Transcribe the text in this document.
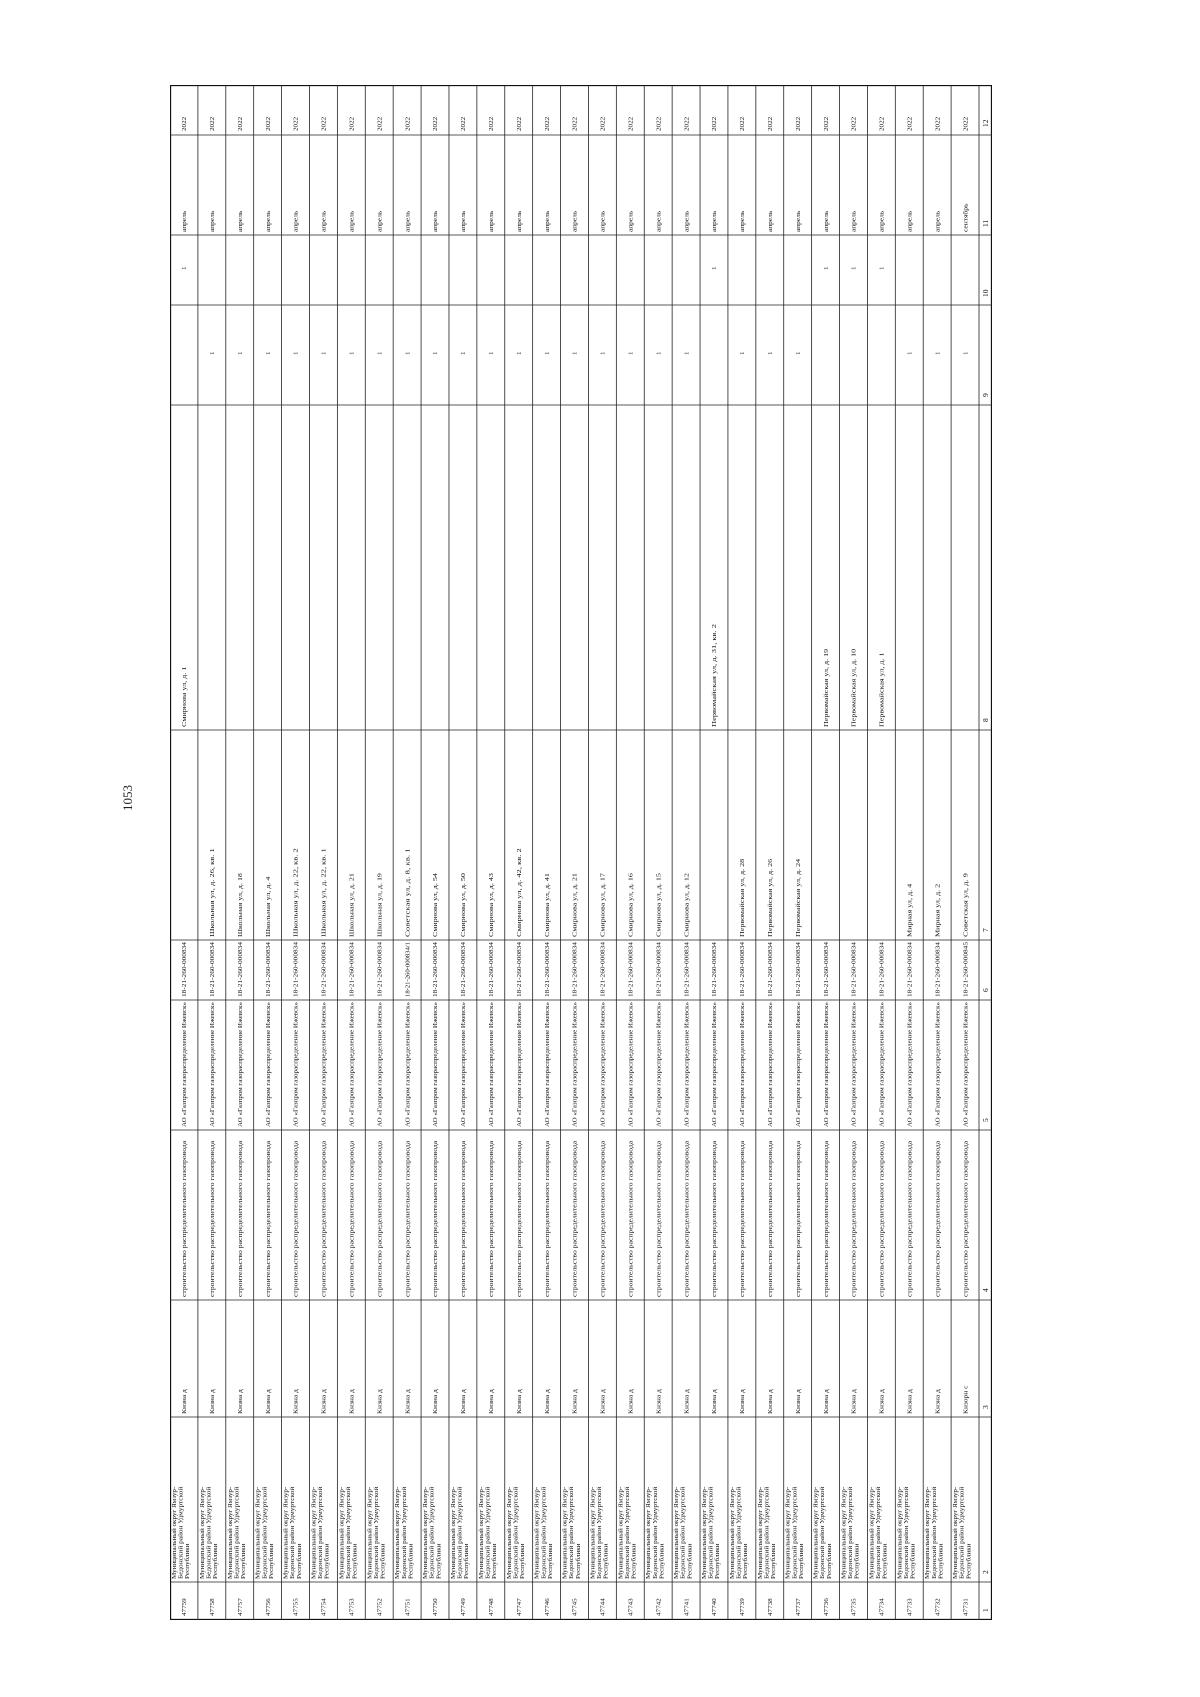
1053
1
2
3
4
5
6
7
8
9
10
11
12
47731
Муниципальный округ Ямзур- Бедонский район Удмуртской Республики
Кнзорн с
строительство распределительного газопровода
АО «Газпром газораспределение Ижевск»
18-21-260-000845
Советская ул, д. 9
1
сентябрь
2022
47732
Муниципальный округ Ямзур- Бедонский район Удмуртской Республики
Кнзна д
строительство распределительного газопровода
АО «Газпром газораспределение Ижевск»
18-21-260-000834
Мирная ул, д. 2
1
апрель
2022
47733
Муниципальный округ Ямзур- Бедонский район Удмуртской Республики
Кнзна д
строительство распределительного газопровода
АО «Газпром газораспределение Ижевск»
18-21-260-000834
Мирная ул, д. 4
1
апрель
2022
47734
Муниципальный округ Ямзур- Бедонский район Удмуртской Республики
Кнзна д
строительство распределительного газопровода
АО «Газпром газораспределение Ижевск»
18-21-260-000834
Первомайская ул, д. 1
1
апрель
2022
47735
Муниципальный округ Ямзур- Бедонский район Удмуртской Республики
Кнзна д
строительство распределительного газопровода
АО «Газпром газораспределение Ижевск»
18-21-260-000834
Первомайская ул, д. 10
1
апрель
2022
47736
Муниципальный округ Ямзур- Бедонский район Удмуртской Республики
Кнзна д
строительство распределительного газопровода
АО «Газпром газораспределение Ижевск»
18-21-260-000834
Первомайская ул, д. 19
1
апрель
2022
47737
Муниципальный округ Ямзур- Бедонский район Удмуртской Республики
Кнзна д
строительство распределительного газопровода
АО «Газпром газораспределение Ижевск»
18-21-260-000834
Первомайская ул, д. 24
1
апрель
2022
47738
Муниципальный округ Ямзур- Бедонский район Удмуртской Республики
Кнзна д
строительство распределительного газопровода
АО «Газпром газораспределение Ижевск»
18-21-260-000834
Первомайская ул, д. 26
1
апрель
2022
47739
Муниципальный округ Ямзур- Бедонский район Удмуртской Республики
Кнзна д
строительство распределительного газопровода
АО «Газпром газораспределение Ижевск»
18-21-260-000834
Первомайская ул, д. 28
1
апрель
2022
47740
Муниципальный округ Ямзур- Бедонский район Удмуртской Республики
Кнзна д
строительство распределительного газопровода
АО «Газпром газораспределение Ижевск»
18-21-260-000834
Первомайская ул, д. 31, кв. 2
1
апрель
2022
47741
Муниципальный округ Ямзур- Бедонский район Удмуртской Республики
Кнзна д
строительство распределительного газопровода
АО «Газпром газораспределение Ижевск»
18-21-260-000834
Смирнова ул, д. 12
1
апрель
2022
47742
Муниципальный округ Ямзур- Бедонский район Удмуртской Республики
Кнзна д
строительство распределительного газопровода
АО «Газпром газораспределение Ижевск»
18-21-260-000834
Смирнова ул, д. 15
1
апрель
2022
47743
Муниципальный округ Ямзур- Бедонский район Удмуртской Республики
Кнзна д
строительство распределительного газопровода
АО «Газпром газораспределение Ижевск»
18-21-260-000834
Смирнова ул, д. 16
1
апрель
2022
47744
Муниципальный округ Ямзур- Бедонский район Удмуртской Республики
Кнзна д
строительство распределительного газопровода
АО «Газпром газораспределение Ижевск»
18-21-260-000834
Смирнова ул, д. 17
1
апрель
2022
47745
Муниципальный округ Ямзур- Бедонский район Удмуртской Республики
Кнзна д
строительство распределительного газопровода
АО «Газпром газораспределение Ижевск»
18-21-260-000834
Смирнова ул, д. 21
1
апрель
2022
47746
Муниципальный округ Ямзур- Бедонский район Удмуртской Республики
Кнзна д
строительство распределительного газопровода
АО «Газпром газораспределение Ижевск»
18-21-260-000834
Смирнова ул, д. 41
1
апрель
2022
47747
Муниципальный округ Ямзур- Бедонский район Удмуртской Республики
Кнзна д
строительство распределительного газопровода
АО «Газпром газораспределение Ижевск»
18-21-260-000834
Смирнова ул, д. 42, кв. 2
1
апрель
2022
47748
Муниципальный округ Ямзур- Бедонский район Удмуртской Республики
Кнзна д
строительство распределительного газопровода
АО «Газпром газораспределение Ижевск»
18-21-260-000834
Смирнова ул, д. 43
1
апрель
2022
47749
Муниципальный округ Ямзур- Бедонский район Удмуртской Республики
Кнзна д
строительство распределительного газопровода
АО «Газпром газораспределение Ижевск»
18-21-260-000834
Смирнова ул, д. 50
1
апрель
2022
47750
Муниципальный округ Ямзур- Бедонский район Удмуртской Республики
Кнзна д
строительство распределительного газопровода
АО «Газпром газораспределение Ижевск»
18-21-260-000834
Смирнова ул, д. 54
1
апрель
2022
47751
Муниципальный округ Ямзур- Бедонский район Удмуртской Республики
Кнзна д
строительство распределительного газопровода
АО «Газпром газораспределение Ижевск»
18-21-260-000834/1
Советская ул, д. 8, кв. 1
1
апрель
2022
47752
Муниципальный округ Ямзур- Бедонский район Удмуртской Республики
Кнзна д
строительство распределительного газопровода
АО «Газпром газораспределение Ижевск»
18-21-260-000834
Школьная ул, д. 19
1
апрель
2022
47753
Муниципальный округ Ямзур- Бедонский район Удмуртской Республики
Кнзна д
строительство распределительного газопровода
АО «Газпром газораспределение Ижевск»
18-21-260-000834
Школьная ул, д. 21
1
апрель
2022
47754
Муниципальный округ Ямзур- Бедонский район Удмуртской Республики
Кнзна д
строительство распределительного газопровода
АО «Газпром газораспределение Ижевск»
18-21-260-000834
Школьная ул, д. 22, кв. 1
1
апрель
2022
47755
Муниципальный округ Ямзур- Бедонский район Удмуртской Республики
Кнзна д
строительство распределительного газопровода
АО «Газпром газораспределение Ижевск»
18-21-260-000834
Школьная ул, д. 22, кв. 2
1
апрель
2022
47756
Муниципальный округ Ямзур- Бедонский район Удмуртской Республики
Кнзна д
строительство распределительного газопровода
АО «Газпром газораспределение Ижевск»
18-21-260-000834
Школьная ул, д. 4
1
апрель
2022
47757
Муниципальный округ Ямзур- Бедонский район Удмуртской Республики
Кнзна д
строительство распределительного газопровода
АО «Газпром газораспределение Ижевск»
18-21-260-000834
Школьная ул, д. 18
1
апрель
2022
47758
Муниципальный округ Ямзур- Бедонский район Удмуртской Республики
Кнзна д
строительство распределительного газопровода
АО «Газпром газораспределение Ижевск»
18-21-260-000834
Школьная ул, д. 26, кв. 1
1
апрель
2022
47759
Муниципальный округ Ямзур- Бедонский район Удмуртской Республики
Кнзна д
строительство распределительного газопровода
АО «Газпром газораспределение Ижевск»
18-21-260-000834
Смирнова ул, д. 1
1
апрель
2022
